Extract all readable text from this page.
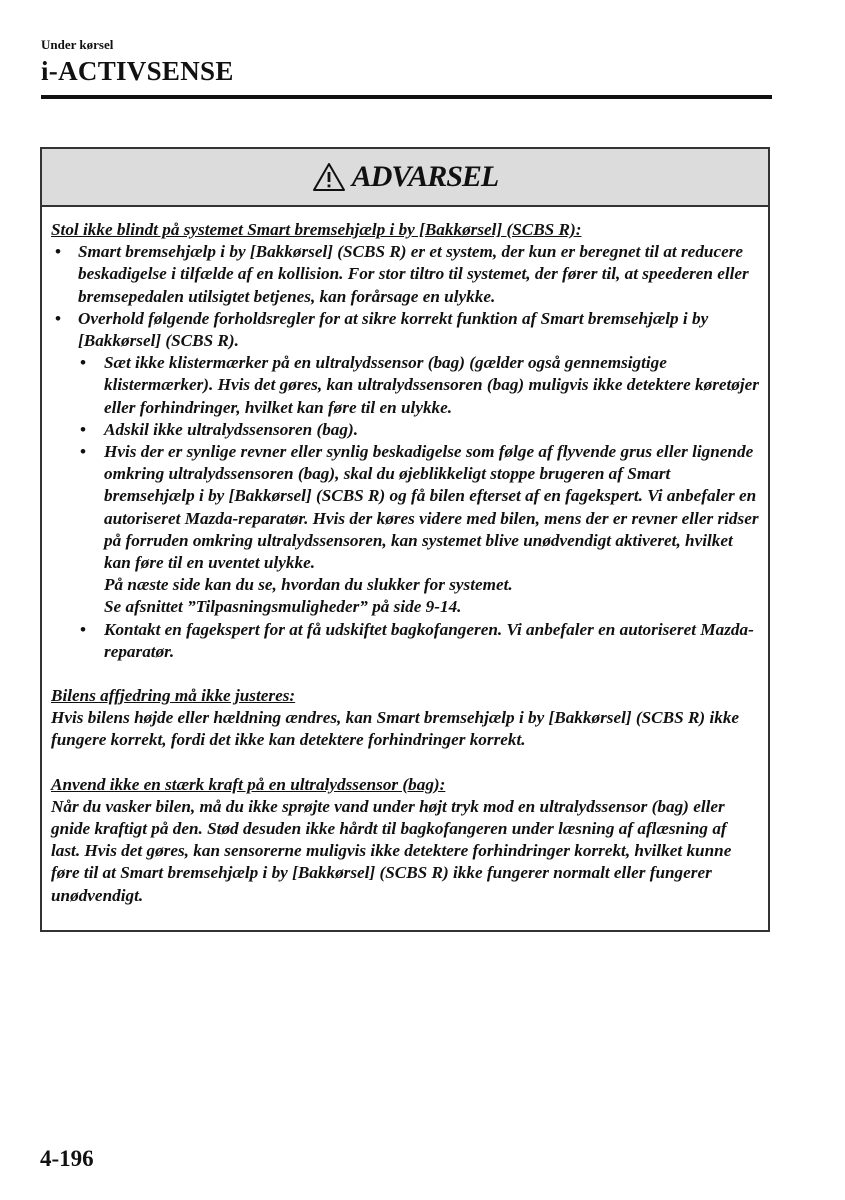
Under kørsel
i-ACTIVSENSE
ADVARSEL
Stol ikke blindt på systemet Smart bremsehjælp i by [Bakkørsel] (SCBS R):
• Smart bremsehjælp i by [Bakkørsel] (SCBS R) er et system, der kun er beregnet til at reducere beskadigelse i tilfælde af en kollision. For stor tiltro til systemet, der fører til, at speederen eller bremsepedalen utilsigtet betjenes, kan forårsage en ulykke.
• Overhold følgende forholdsregler for at sikre korrekt funktion af Smart bremsehjælp i by [Bakkørsel] (SCBS R).
• Sæt ikke klistermærker på en ultralydssensor (bag) (gælder også gennemsigtige klistermærker). Hvis det gøres, kan ultralydssensoren (bag) muligvis ikke detektere køretøjer eller forhindringer, hvilket kan føre til en ulykke.
• Adskil ikke ultralydssensoren (bag).
• Hvis der er synlige revner eller synlig beskadigelse som følge af flyvende grus eller lignende omkring ultralydssensoren (bag), skal du øjeblikkeligt stoppe brugeren af Smart bremsehjælp i by [Bakkørsel] (SCBS R) og få bilen efterset af en fagekspert. Vi anbefaler en autoriseret Mazda-reparatør. Hvis der køres videre med bilen, mens der er revner eller ridser på forruden omkring ultralydssensoren, kan systemet blive unødvendigt aktiveret, hvilket kan føre til en uventet ulykke.
På næste side kan du se, hvordan du slukker for systemet.
Se afsnittet ”Tilpasningsmuligheder” på side 9-14.
• Kontakt en fagekspert for at få udskiftet bagkofangeren. Vi anbefaler en autoriseret Mazda-reparatør.
Bilens affjedring må ikke justeres:
Hvis bilens højde eller hældning ændres, kan Smart bremsehjælp i by [Bakkørsel] (SCBS R) ikke fungere korrekt, fordi det ikke kan detektere forhindringer korrekt.
Anvend ikke en stærk kraft på en ultralydssensor (bag):
Når du vasker bilen, må du ikke sprøjte vand under højt tryk mod en ultralydssensor (bag) eller gnide kraftigt på den. Stød desuden ikke hårdt til bagkofangeren under læsning af aflæsning af last. Hvis det gøres, kan sensorerne muligvis ikke detektere forhindringer korrekt, hvilket kunne føre til at Smart bremsehjælp i by [Bakkørsel] (SCBS R) ikke fungerer normalt eller fungerer unødvendigt.
4-196
